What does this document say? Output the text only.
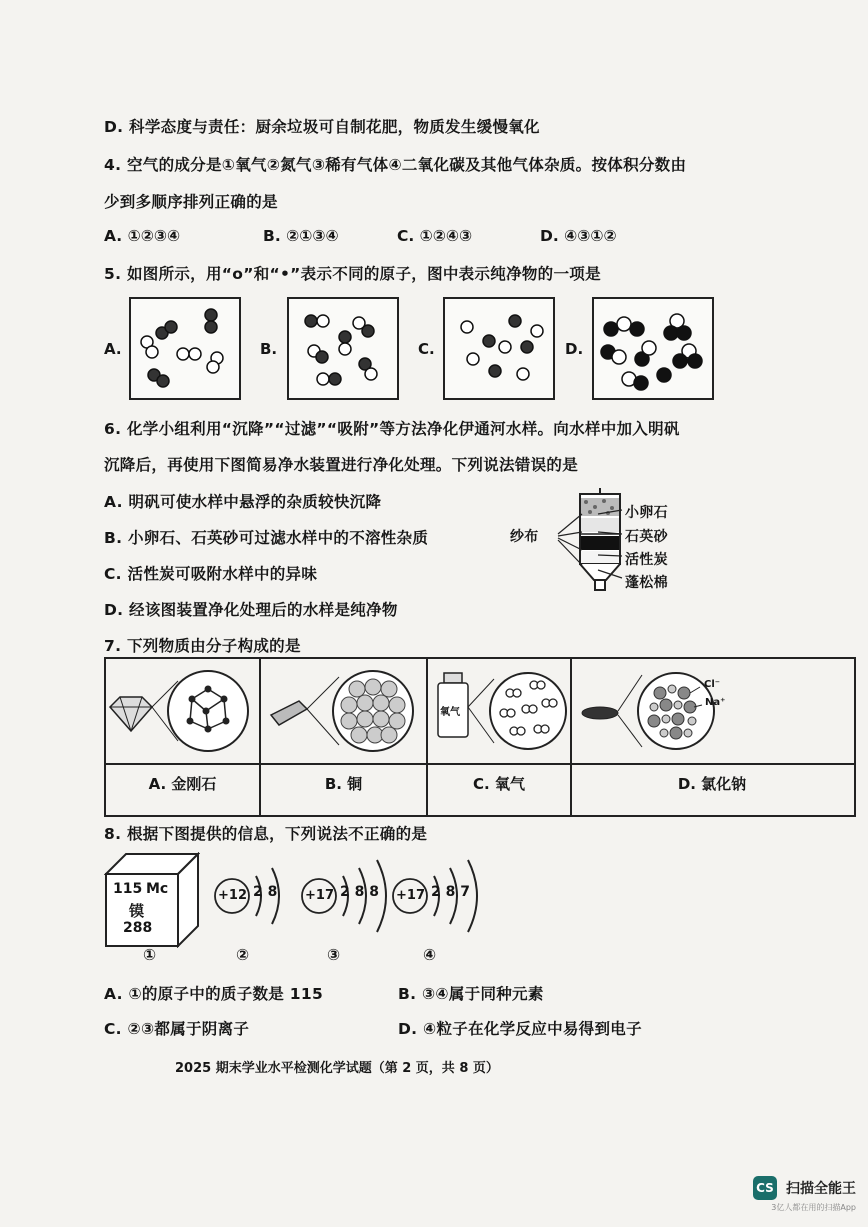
D. 科学态度与责任：厨余垃圾可自制花肥，物质发生缓慢氧化
4. 空气的成分是①氧气②氮气③稀有气体④二氧化碳及其他气体杂质。按体积分数由
少到多顺序排列正确的是
A. ①②③④	B. ②①③④	C. ①②④③	D. ④③①②
5. 如图所示，用“o”和“•”表示不同的原子，图中表示纯净物的一项是
A.	B.	C.	D.
6. 化学小组利用“沉降”“过滤”“吸附”等方法净化伊通河水样。向水样中加入明矾
沉降后，再使用下图简易净水装置进行净化处理。下列说法错误的是
A. 明矾可使水样中悬浮的杂质较快沉降
B. 小卵石、石英砂可过滤水样中的不溶性杂质
C. 活性炭可吸附水样中的异味
D. 经该图装置净化处理后的水样是纯净物
纱布
小卵石
石英砂
活性炭
蓬松棉
7. 下列物质由分子构成的是
氧气
Cl⁻
Na⁺
A. 金刚石	B. 铜	C. 氧气	D. 氯化钠
8. 根据下图提供的信息，下列说法不正确的是
115 Mc
镆
288
+12 2 8 +17 2 8 8 +17 2 8 7
①	②	③	④
A. ①的原子中的质子数是 115	B. ③④属于同种元素
C. ②③都属于阴离子	D. ④粒子在化学反应中易得到电子
2025 期末学业水平检测化学试题（第 2 页，共 8 页）
CS 扫描全能王
3亿人都在用的扫描App
